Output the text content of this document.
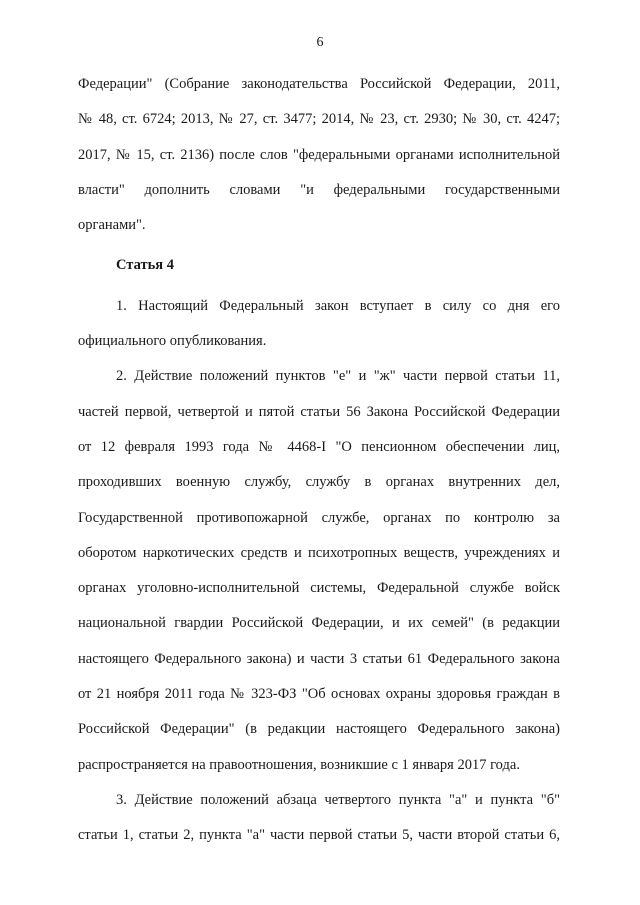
6
Федерации" (Собрание законодательства Российской Федерации, 2011,
№ 48, ст. 6724; 2013, № 27, ст. 3477; 2014, № 23, ст. 2930; № 30, ст. 4247;
2017, № 15, ст. 2136) после слов "федеральными органами исполнительной
власти" дополнить словами "и федеральными государственными
органами".
Статья 4
1. Настоящий Федеральный закон вступает в силу со дня его
официального опубликования.
2. Действие положений пунктов "е" и "ж" части первой статьи 11,
частей первой, четвертой и пятой статьи 56 Закона Российской Федерации
от 12 февраля 1993 года № 4468-I "О пенсионном обеспечении лиц,
проходивших военную службу, службу в органах внутренних дел,
Государственной противопожарной службе, органах по контролю за
оборотом наркотических средств и психотропных веществ, учреждениях и
органах уголовно-исполнительной системы, Федеральной службе войск
национальной гвардии Российской Федерации, и их семей" (в редакции
настоящего Федерального закона) и части 3 статьи 61 Федерального закона
от 21 ноября 2011 года № 323-ФЗ "Об основах охраны здоровья граждан в
Российской Федерации" (в редакции настоящего Федерального закона)
распространяется на правоотношения, возникшие с 1 января 2017 года.
3. Действие положений абзаца четвертого пункта "а" и пункта "б"
статьи 1, статьи 2, пункта "а" части первой статьи 5, части второй статьи 6,
